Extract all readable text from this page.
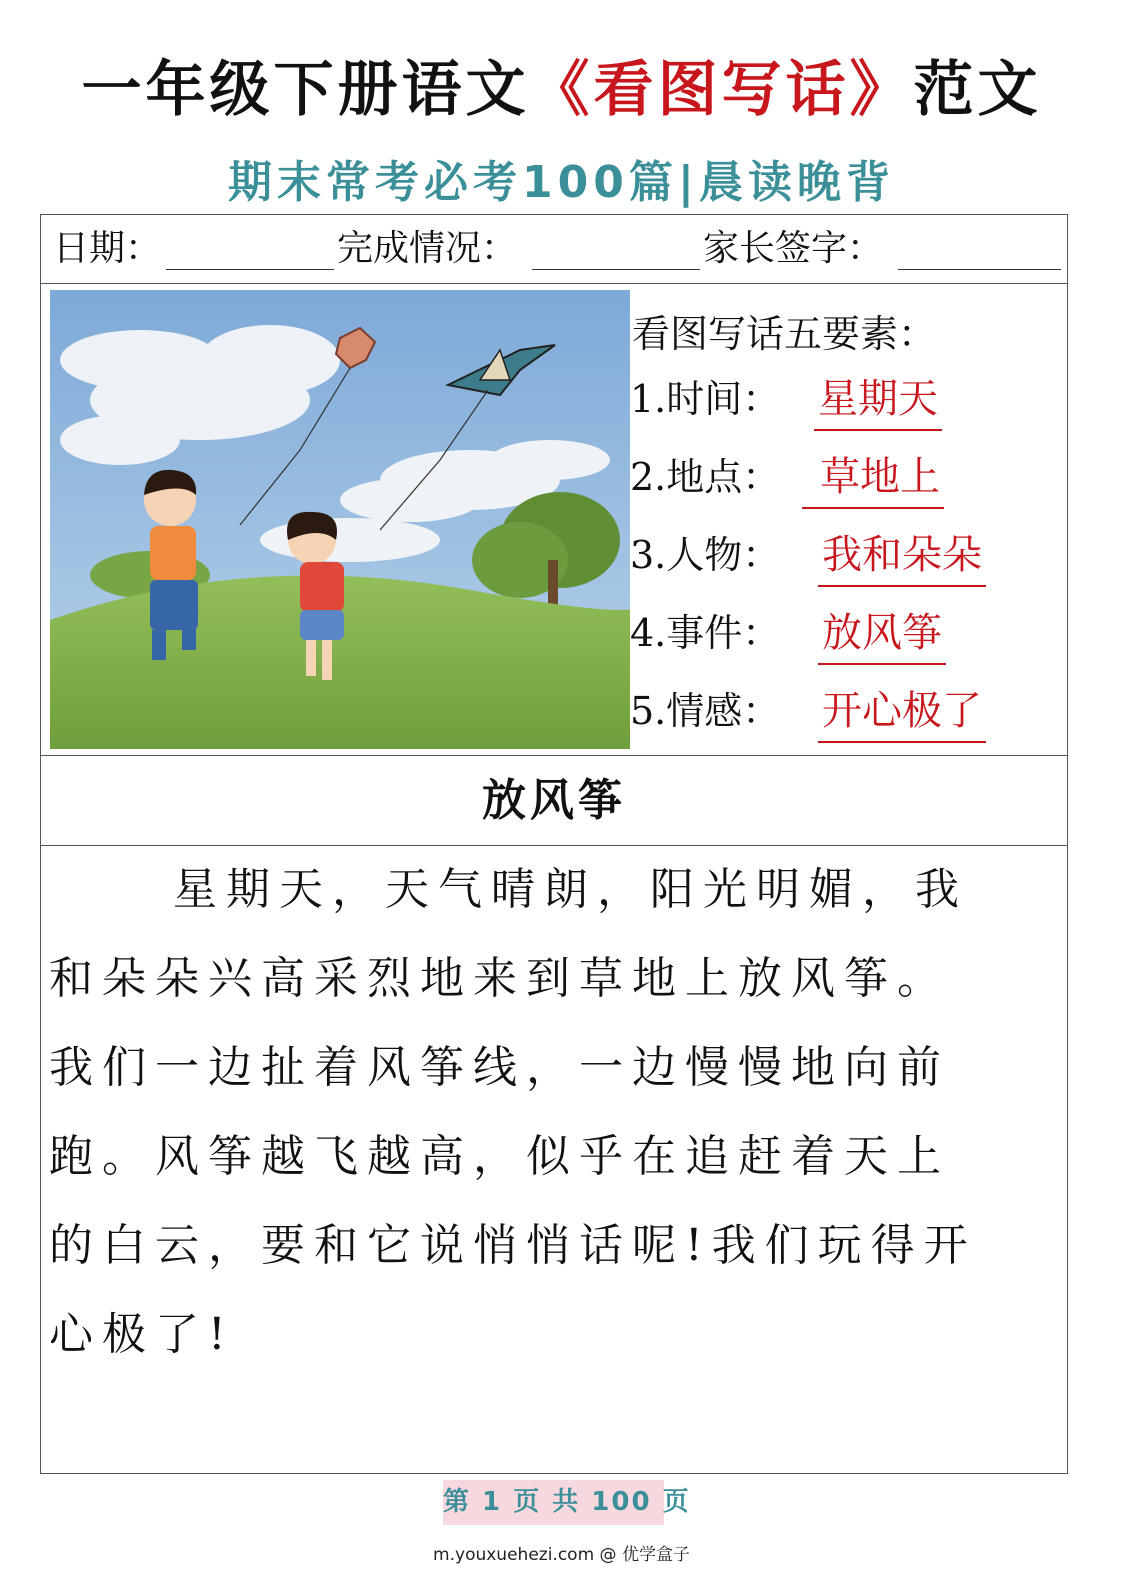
一年级下册语文《看图写话》范文
期末常考必考100篇|晨读晚背
日期：	完成情况：	家长签字：
看图写话五要素：
1.时间： 星期天
2.地点： 草地上
3.人物： 我和朵朵
4.事件： 放风筝
5.情感： 开心极了
放风筝
星期天，天气晴朗，阳光明媚，我
和朵朵兴高采烈地来到草地上放风筝。
我们一边扯着风筝线，一边慢慢地向前
跑。风筝越飞越高，似乎在追赶着天上
的白云，要和它说悄悄话呢!我们玩得开
心极了!
第 1 页 共 100 页
m.youxuehezi.com @ 优学盒子
